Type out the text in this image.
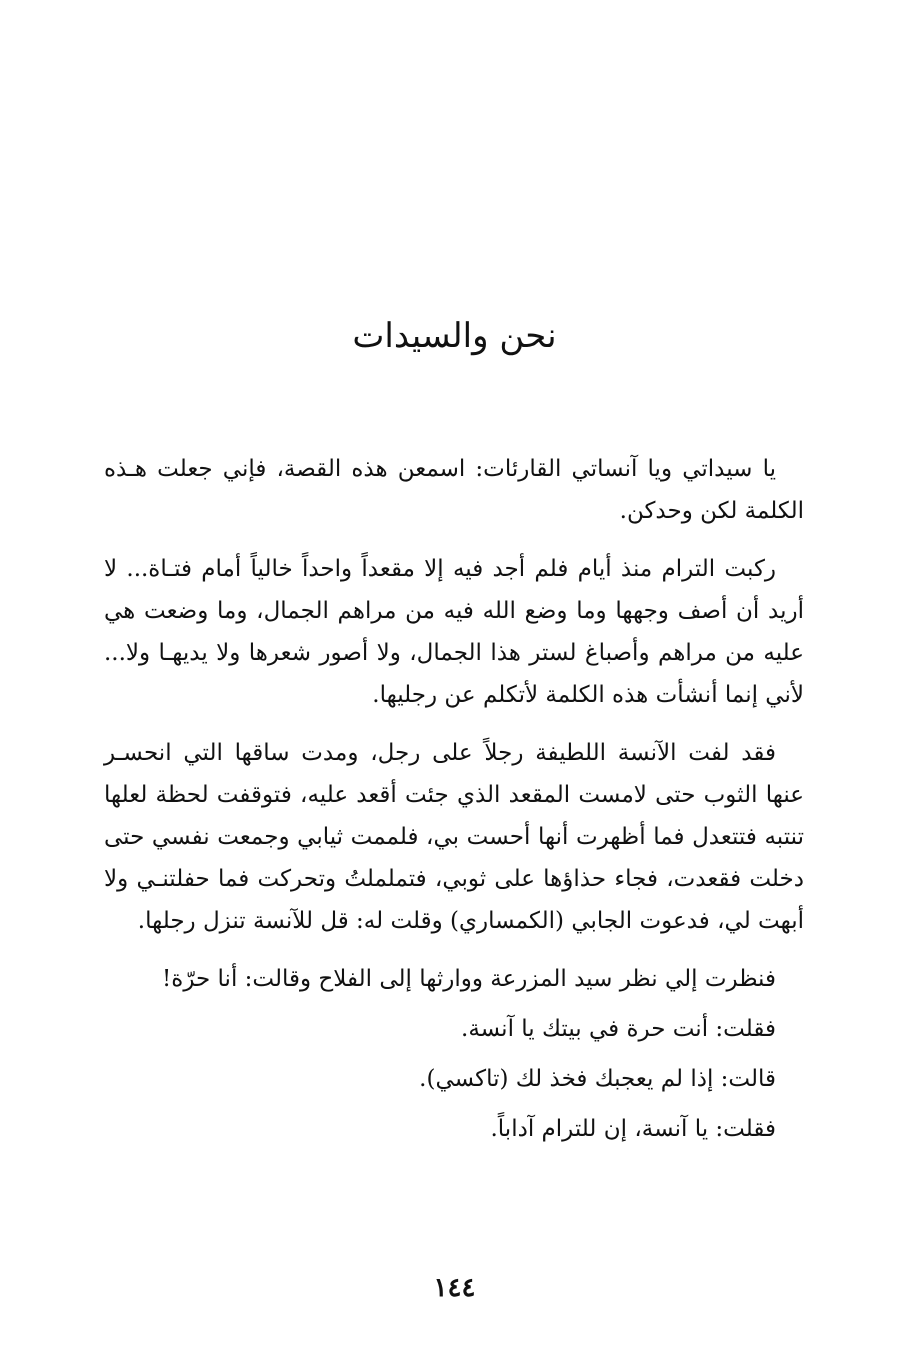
نحن والسيدات

يا سيداتي ويا آنساتي القارئات: اسمعن هذه القصة، فإني جعلت هـذه الكلمة لكن وحدكن.

ركبت الترام منذ أيام فلم أجد فيه إلا مقعداً واحداً خالياً أمام فتـاة... لا أريد أن أصف وجهها وما وضع الله فيه من مراهم الجمال، وما وضعت هي عليه من مراهم وأصباغ لستر هذا الجمال، ولا أصور شعرها ولا يديهـا ولا... لأني إنما أنشأت هذه الكلمة لأتكلم عن رجليها.

فقد لفت الآنسة اللطيفة رجلاً على رجل، ومدت ساقها التي انحسـر عنها الثوب حتى لامست المقعد الذي جئت أقعد عليه، فتوقفت لحظة لعلها تنتبه فتتعدل فما أظهرت أنها أحست بي، فلممت ثيابي وجمعت نفسي حتى دخلت فقعدت، فجاء حذاؤها على ثوبي، فتململتُ وتحركت فما حفلتنـي ولا أبهت لي، فدعوت الجابي (الكمساري) وقلت له: قل للآنسة تنزل رجلها.

فنظرت إلي نظر سيد المزرعة ووارثها إلى الفلاح وقالت: أنا حرّة!

فقلت: أنت حرة في بيتك يا آنسة.

قالت: إذا لم يعجبك فخذ لك (تاكسي).

فقلت: يا آنسة، إن للترام آداباً.

١٤٤
